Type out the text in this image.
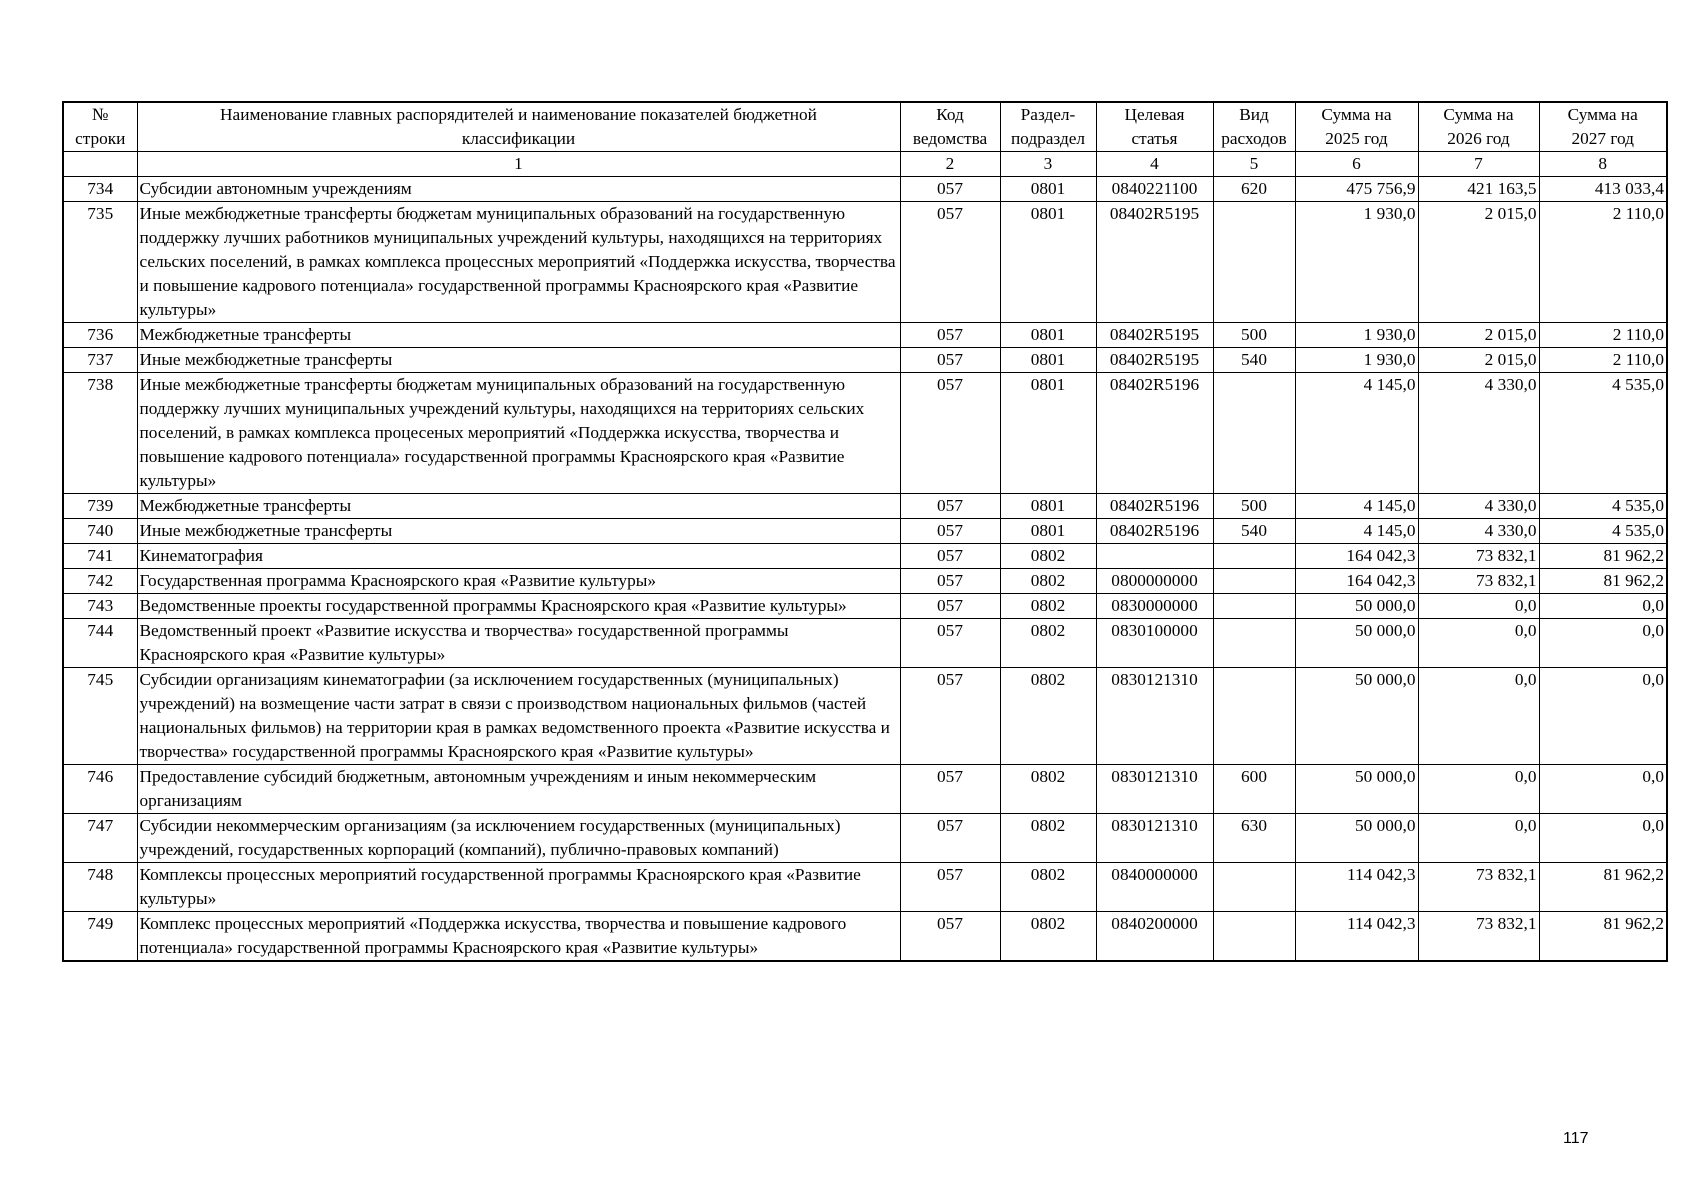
№ строки	Наименование главных распорядителей и наименование показателей бюджетной классификации	Код ведомства	Раздел-подраздел	Целевая статья	Вид расходов	Сумма на 2025 год	Сумма на 2026 год	Сумма на 2027 год
	1	2	3	4	5	6	7	8
734	Субсидии автономным учреждениям	057	0801	0840221100	620	475 756,9	421 163,5	413 033,4
735	Иные межбюджетные трансферты бюджетам муниципальных образований на государственную поддержку лучших работников муниципальных учреждений культуры, находящихся на территориях сельских поселений, в рамках комплекса процессных мероприятий «Поддержка искусства, творчества и повышение кадрового потенциала» государственной программы Красноярского края «Развитие культуры»	057	0801	08402R5195		1 930,0	2 015,0	2 110,0
736	Межбюджетные трансферты	057	0801	08402R5195	500	1 930,0	2 015,0	2 110,0
737	Иные межбюджетные трансферты	057	0801	08402R5195	540	1 930,0	2 015,0	2 110,0
738	Иные межбюджетные трансферты бюджетам муниципальных образований на государственную поддержку лучших муниципальных учреждений культуры, находящихся на территориях сельских поселений, в рамках комплекса процесеных мероприятий «Поддержка искусства, творчества и повышение кадрового потенциала» государственной программы Красноярского края «Развитие культуры»	057	0801	08402R5196		4 145,0	4 330,0	4 535,0
739	Межбюджетные трансферты	057	0801	08402R5196	500	4 145,0	4 330,0	4 535,0
740	Иные межбюджетные трансферты	057	0801	08402R5196	540	4 145,0	4 330,0	4 535,0
741	Кинематография	057	0802			164 042,3	73 832,1	81 962,2
742	Государственная программа Красноярского края «Развитие культуры»	057	0802	0800000000		164 042,3	73 832,1	81 962,2
743	Ведомственные проекты государственной программы Красноярского края «Развитие культуры»	057	0802	0830000000		50 000,0	0,0	0,0
744	Ведомственный проект «Развитие искусства и творчества» государственной программы Красноярского края «Развитие культуры»	057	0802	0830100000		50 000,0	0,0	0,0
745	Субсидии организациям кинематографии (за исключением государственных (муниципальных) учреждений) на возмещение части затрат в связи с производством национальных фильмов (частей национальных фильмов) на территории края в рамках ведомственного проекта «Развитие искусства и творчества» государственной программы Красноярского края «Развитие культуры»	057	0802	0830121310		50 000,0	0,0	0,0
746	Предоставление субсидий бюджетным, автономным учреждениям и иным некоммерческим организациям	057	0802	0830121310	600	50 000,0	0,0	0,0
747	Субсидии некоммерческим организациям (за исключением государственных (муниципальных) учреждений, государственных корпораций (компаний), публично-правовых компаний)	057	0802	0830121310	630	50 000,0	0,0	0,0
748	Комплексы процессных мероприятий государственной программы Красноярского края «Развитие культуры»	057	0802	0840000000		114 042,3	73 832,1	81 962,2
749	Комплекс процессных мероприятий «Поддержка искусства, творчества и повышение кадрового потенциала» государственной программы Красноярского края «Развитие культуры»	057	0802	0840200000		114 042,3	73 832,1	81 962,2
117
